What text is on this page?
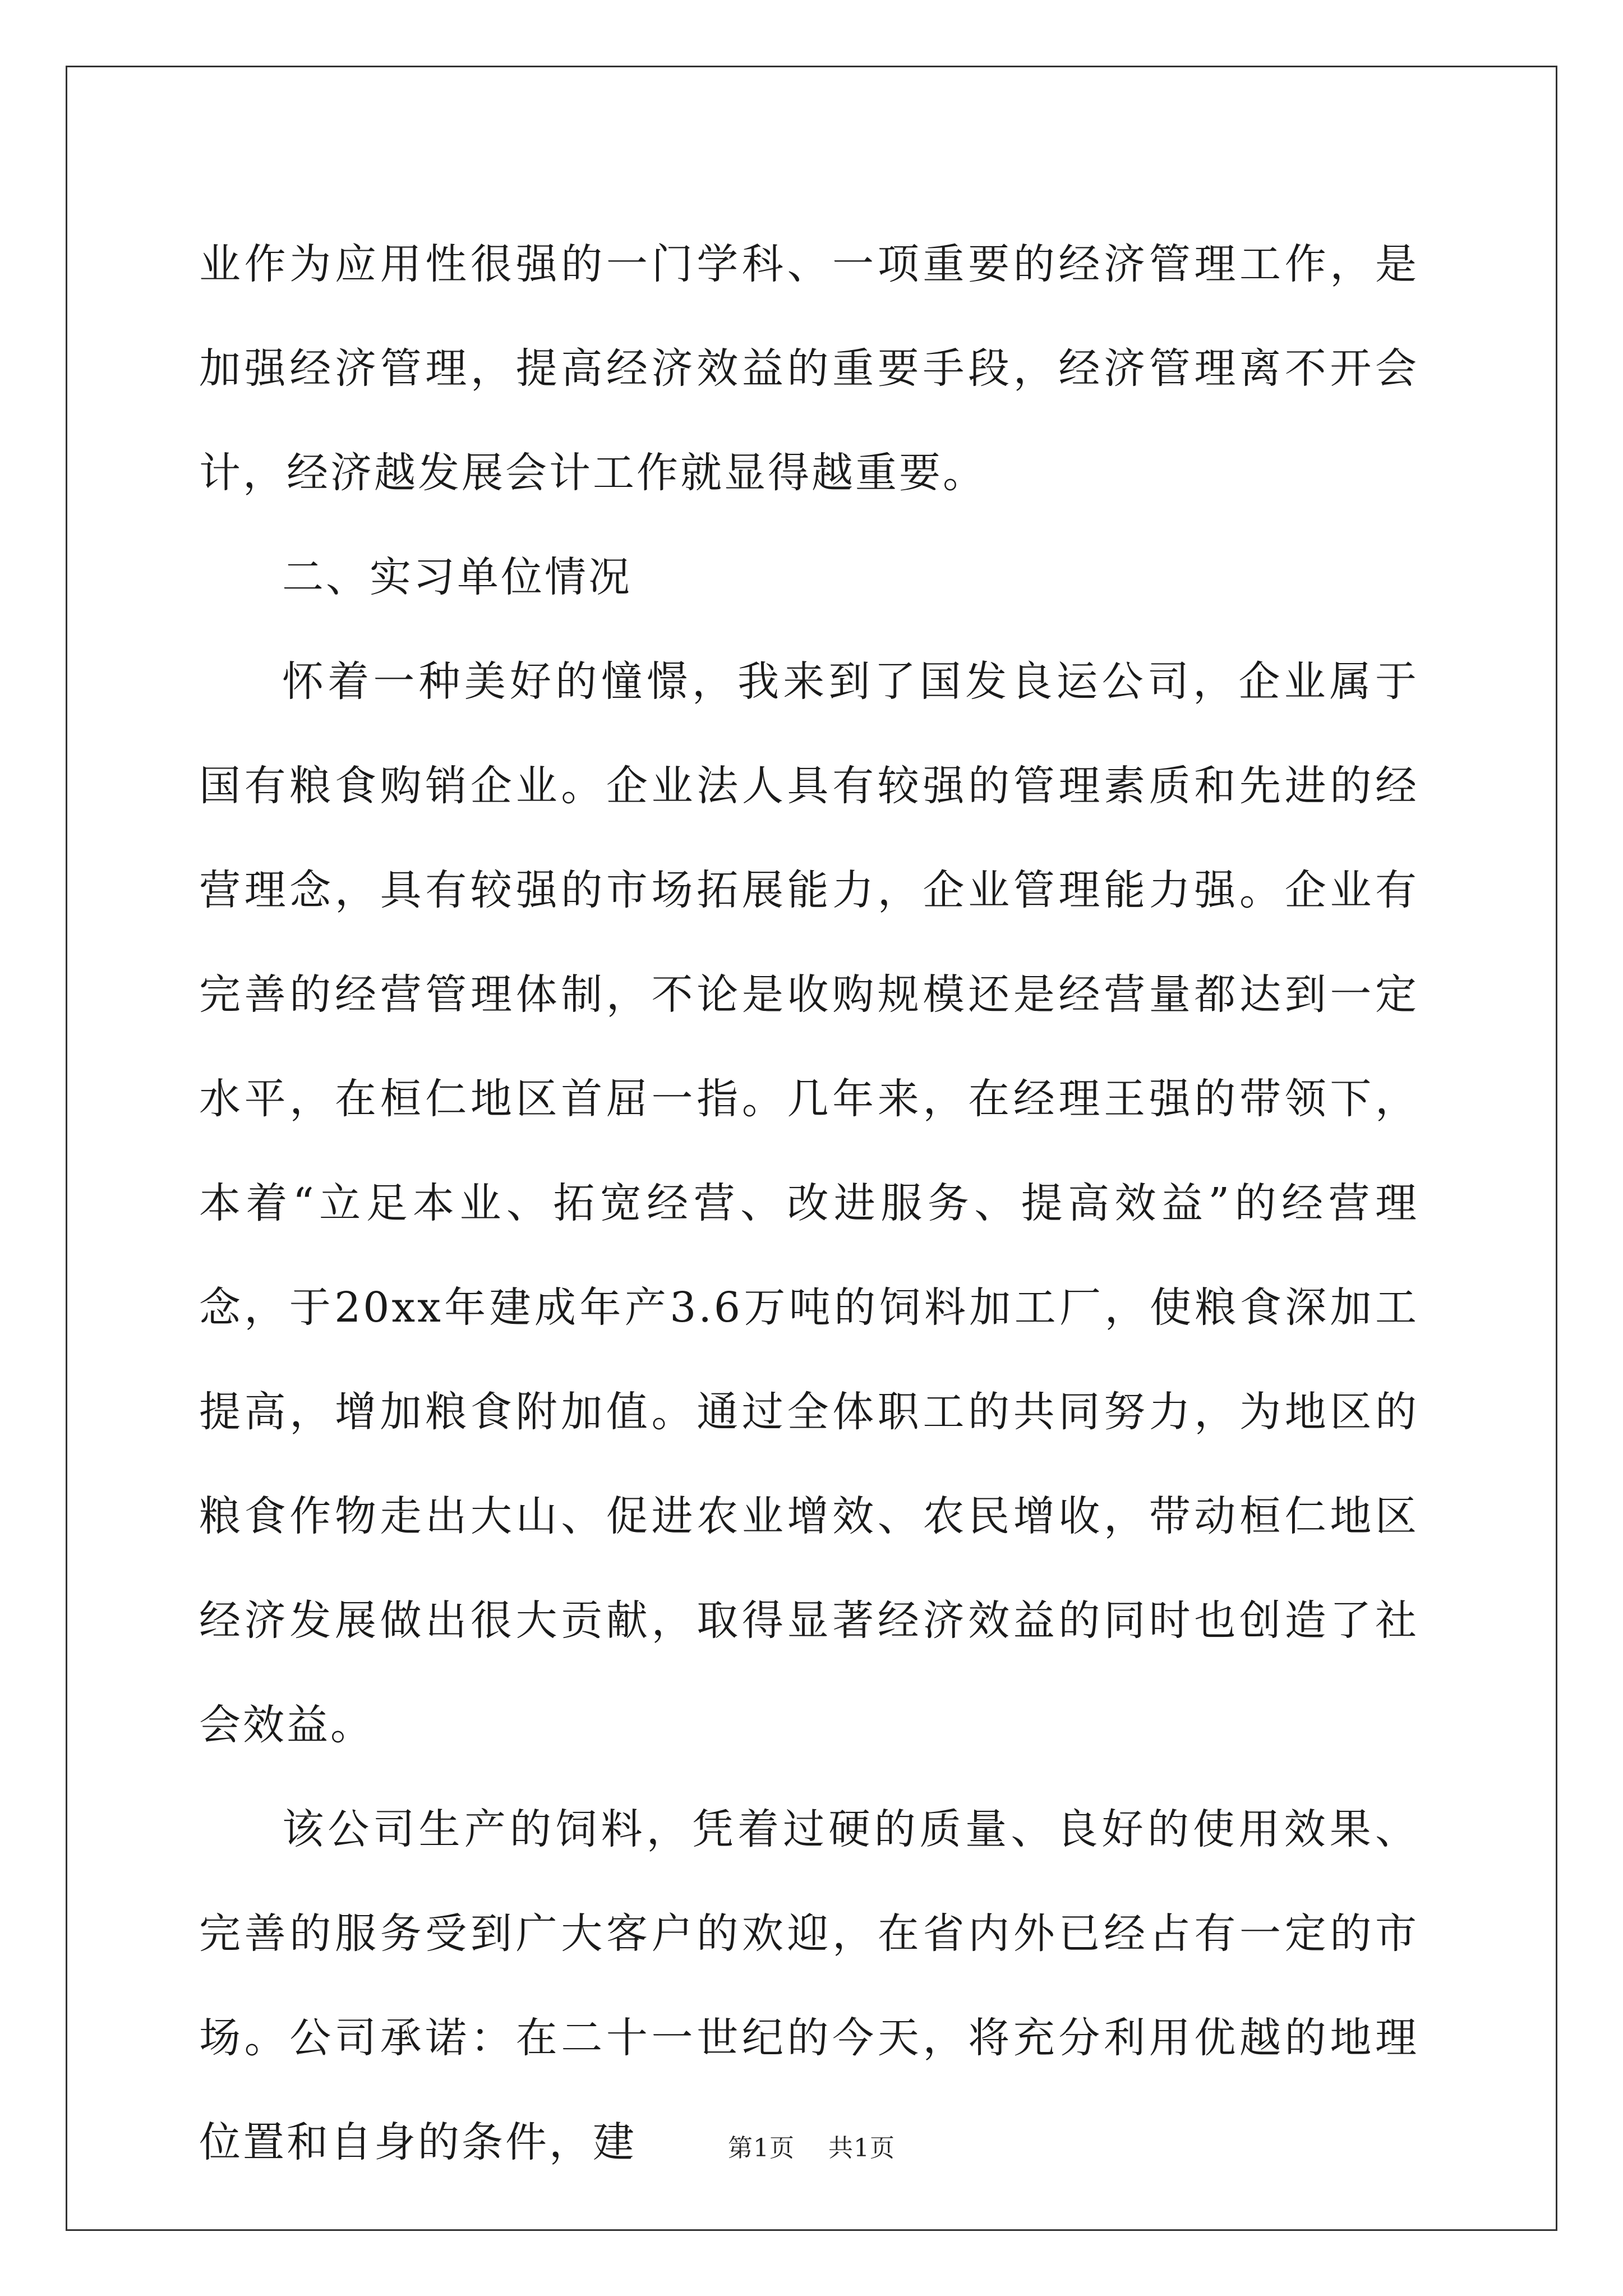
业作为应用性很强的一门学科、一项重要的经济管理工作，是加强经济管理，提高经济效益的重要手段，经济管理离不开会计，经济越发展会计工作就显得越重要。

二、实习单位情况

怀着一种美好的憧憬，我来到了国发良运公司，企业属于国有粮食购销企业。企业法人具有较强的管理素质和先进的经营理念，具有较强的市场拓展能力，企业管理能力强。企业有完善的经营管理体制，不论是收购规模还是经营量都达到一定水平，在桓仁地区首屈一指。几年来，在经理王强的带领下，本着“立足本业、拓宽经营、改进服务、提高效益”的经营理念，于20xx年建成年产3.6万吨的饲料加工厂，使粮食深加工提高，增加粮食附加值。通过全体职工的共同努力，为地区的粮食作物走出大山、促进农业增效、农民增收，带动桓仁地区经济发展做出很大贡献，取得显著经济效益的同时也创造了社会效益。

该公司生产的饲料，凭着过硬的质量、良好的使用效果、完善的服务受到广大客户的欢迎，在省内外已经占有一定的市场。公司承诺：在二十一世纪的今天，将充分利用优越的地理位置和自身的条件，建	第1页 共1页
